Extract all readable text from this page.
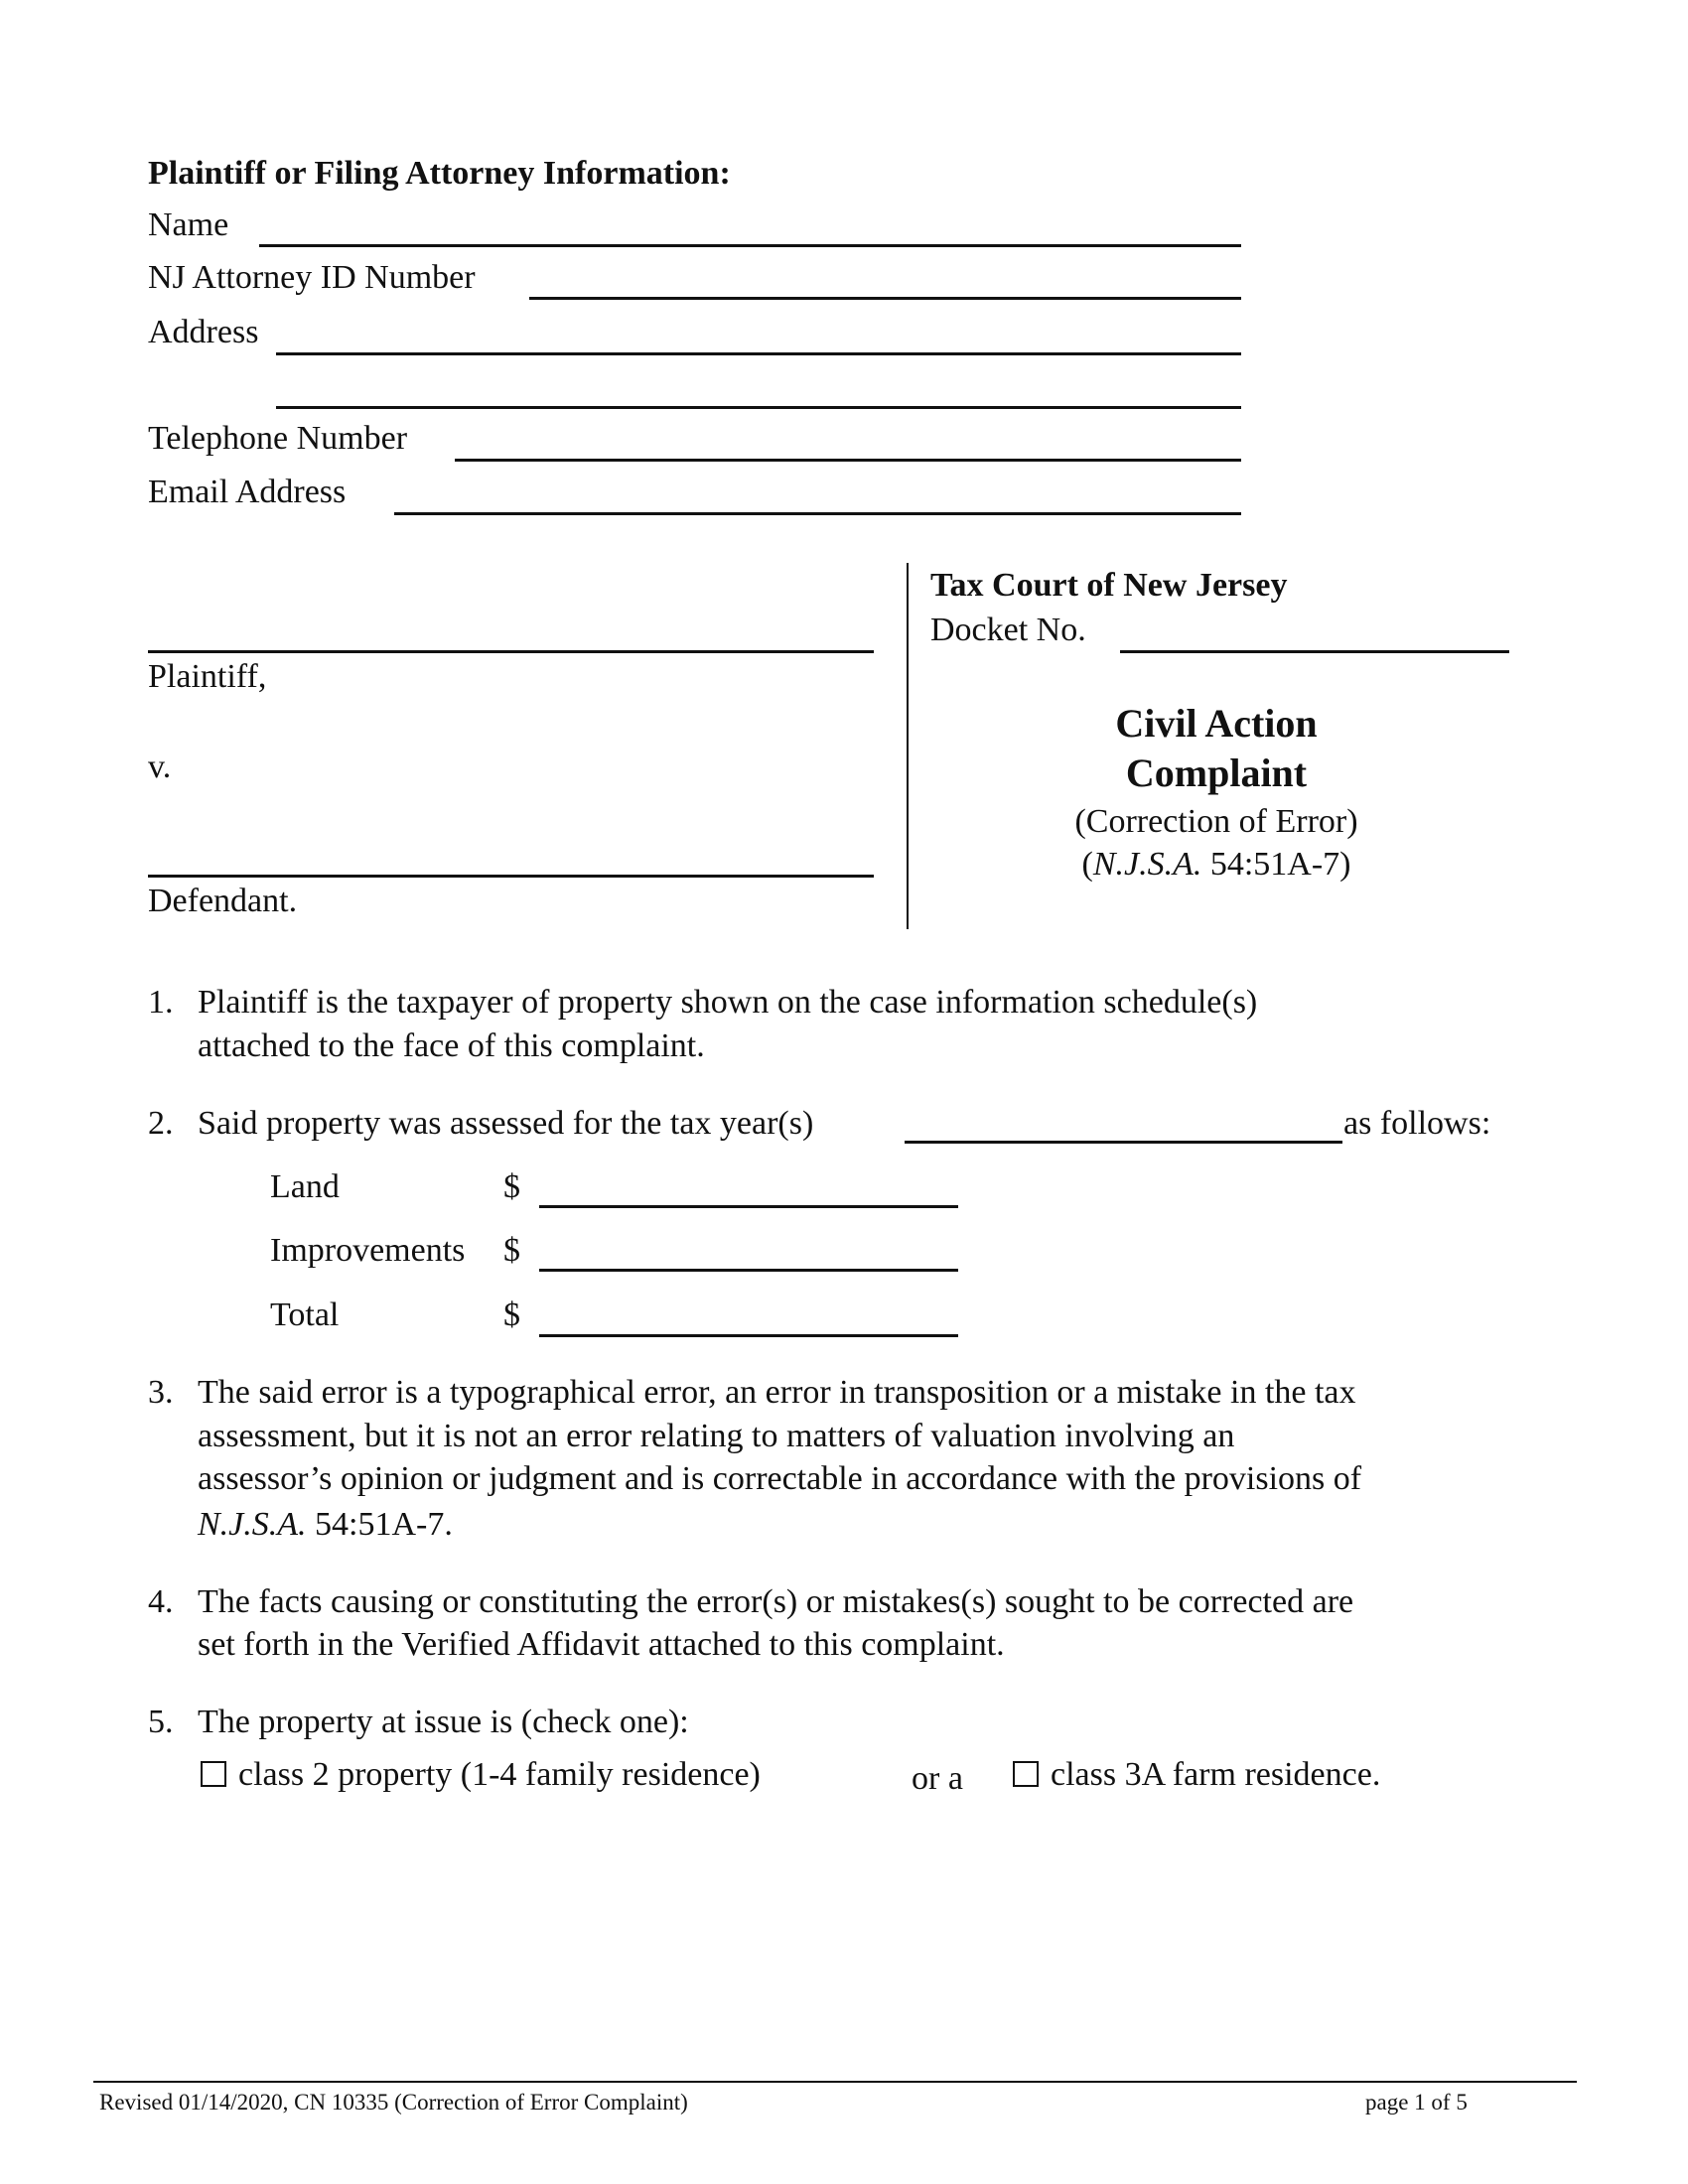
Plaintiff or Filing Attorney Information:
Name
NJ Attorney ID Number
Address
Telephone Number
Email Address
Plaintiff,
v.
Defendant.
Tax Court of New Jersey
Docket No.
Civil Action
Complaint
(Correction of Error)
(N.J.S.A. 54:51A-7)
1. Plaintiff is the taxpayer of property shown on the case information schedule(s)
attached to the face of this complaint.
2. Said property was assessed for the tax year(s)	as follows:
Land	$
Improvements $
Total	$
3. The said error is a typographical error, an error in transposition or a mistake in the tax
assessment, but it is not an error relating to matters of valuation involving an
assessor’s opinion or judgment and is correctable in accordance with the provisions of
N.J.S.A. 54:51A-7.
4. The facts causing or constituting the error(s) or mistakes(s) sought to be corrected are
set forth in the Verified Affidavit attached to this complaint.
5. The property at issue is (check one):
class 2 property (1-4 family residence)	or a	class 3A farm residence.
Revised 01/14/2020, CN 10335 (Correction of Error Complaint)	page 1 of 5
